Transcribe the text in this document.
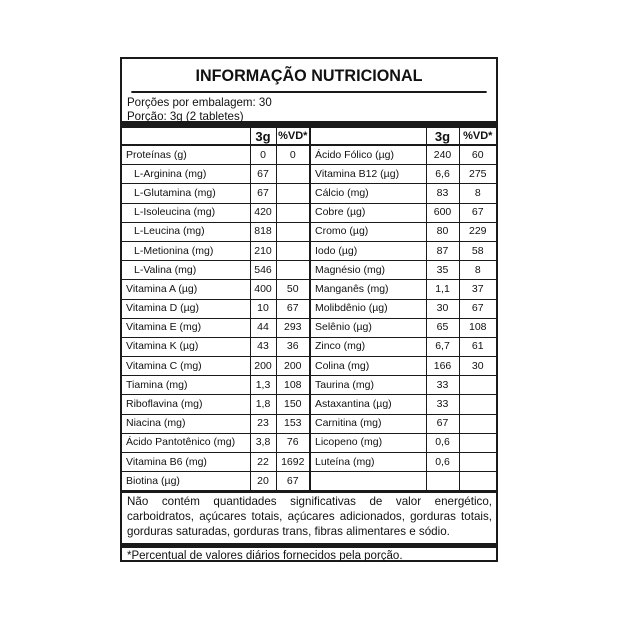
INFORMAÇÃO NUTRICIONAL
Porções por embalagem: 30
Porção: 3g (2 tabletes)
	3g	%VD*		3g	%VD*
Proteínas (g)	0	0	Ácido Fólico (µg)	240	60
L-Arginina (mg)	67		Vitamina B12 (µg)	6,6	275
L-Glutamina (mg)	67		Cálcio (mg)	83	8
L-Isoleucina (mg)	420		Cobre (µg)	600	67
L-Leucina (mg)	818		Cromo (µg)	80	229
L-Metionina (mg)	210		Iodo (µg)	87	58
L-Valina (mg)	546		Magnésio (mg)	35	8
Vitamina A (µg)	400	50	Manganês (mg)	1,1	37
Vitamina D (µg)	10	67	Molibdênio (µg)	30	67
Vitamina E (mg)	44	293	Selênio (µg)	65	108
Vitamina K (µg)	43	36	Zinco (mg)	6,7	61
Vitamina C (mg)	200	200	Colina (mg)	166	30
Tiamina (mg)	1,3	108	Taurina (mg)	33	
Riboflavina (mg)	1,8	150	Astaxantina (µg)	33	
Niacina (mg)	23	153	Carnitina (mg)	67	
Ácido Pantotênico (mg)	3,8	76	Licopeno (mg)	0,6	
Vitamina B6 (mg)	22	1692	Luteína (mg)	0,6	
Biotina (µg)	20	67			
Não contém quantidades significativas de valor energético,
carboidratos, açúcares totais, açúcares adicionados, gorduras totais,
gorduras saturadas, gorduras trans, fibras alimentares e sódio.
*Percentual de valores diários fornecidos pela porção.
